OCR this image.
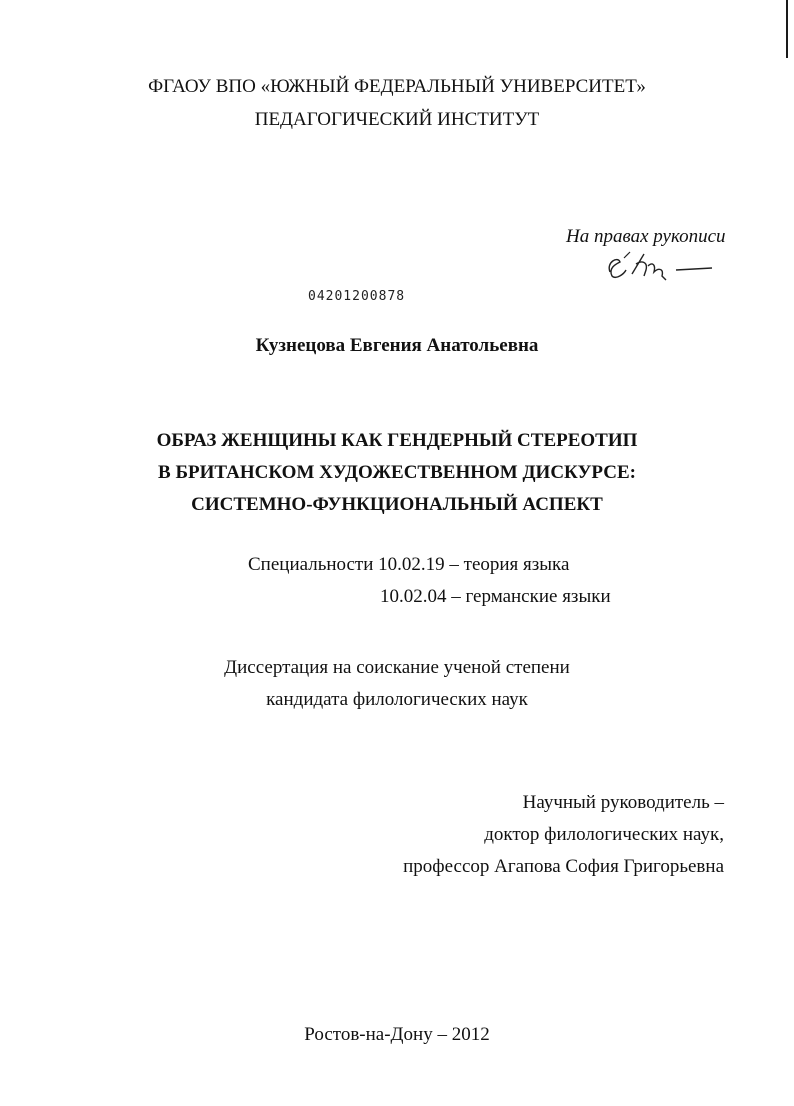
ФГАОУ ВПО «ЮЖНЫЙ ФЕДЕРАЛЬНЫЙ УНИВЕРСИТЕТ»
ПЕДАГОГИЧЕСКИЙ ИНСТИТУТ
На правах рукописи
04201200878
Кузнецова Евгения Анатольевна
ОБРАЗ ЖЕНЩИНЫ КАК ГЕНДЕРНЫЙ СТЕРЕОТИП
В БРИТАНСКОМ ХУДОЖЕСТВЕННОМ ДИСКУРСЕ:
СИСТЕМНО-ФУНКЦИОНАЛЬНЫЙ АСПЕКТ
Специальности 10.02.19 – теория языка
10.02.04 – германские языки
Диссертация на соискание ученой степени
кандидата филологических наук
Научный руководитель –
доктор филологических наук,
профессор Агапова София Григорьевна
Ростов-на-Дону – 2012
